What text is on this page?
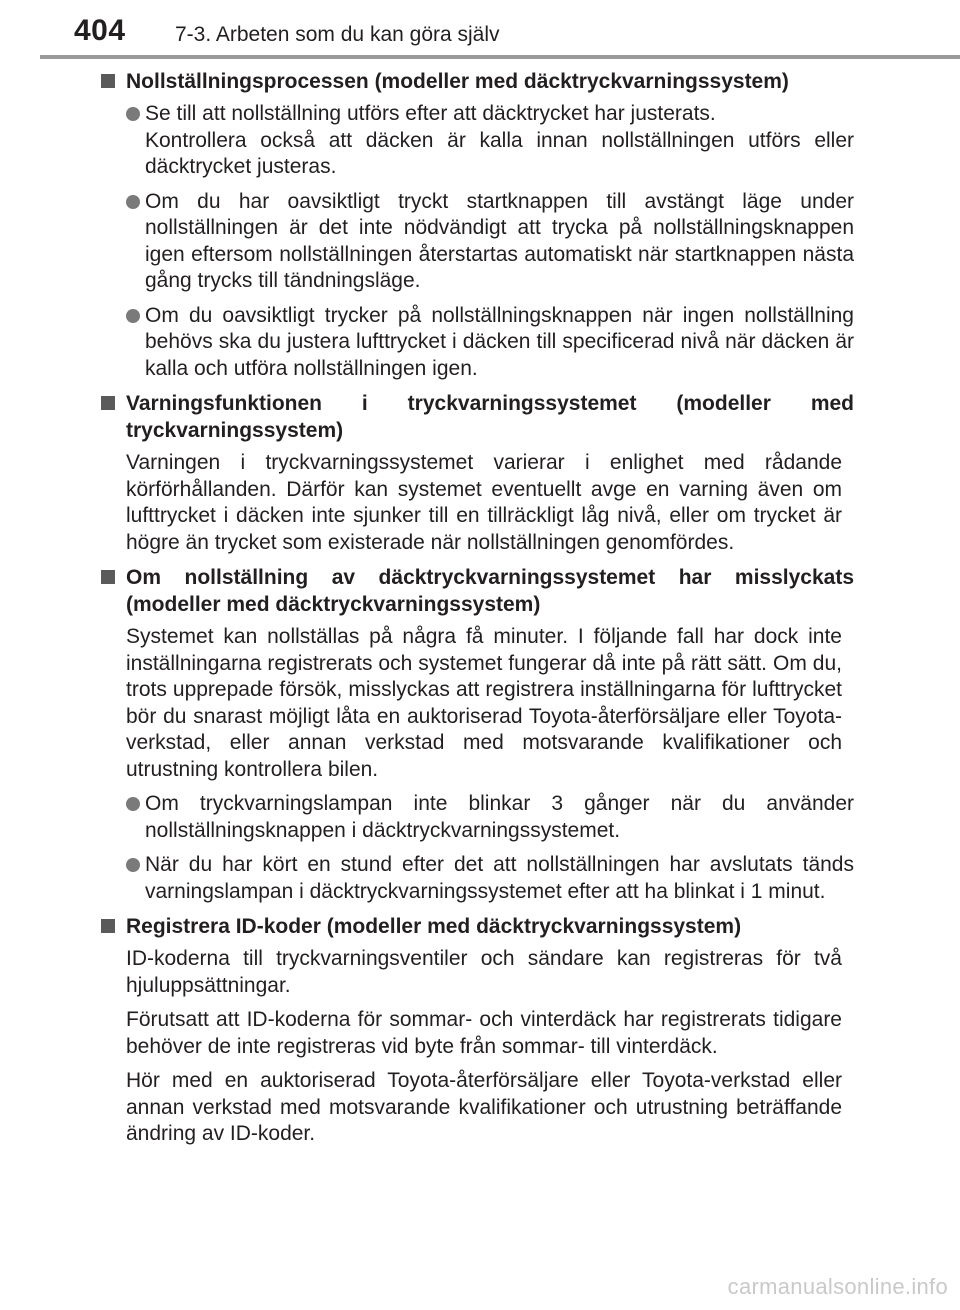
404 7-3. Arbeten som du kan göra själv
Nollställningsprocessen (modeller med däcktryckvarningssystem)
Se till att nollställning utförs efter att däcktrycket har justerats.
Kontrollera också att däcken är kalla innan nollställningen utförs eller däcktrycket justeras.
Om du har oavsiktligt tryckt startknappen till avstängt läge under nollställningen är det inte nödvändigt att trycka på nollställningsknappen igen eftersom nollställningen återstartas automatiskt när startknappen nästa gång trycks till tändningsläge.
Om du oavsiktligt trycker på nollställningsknappen när ingen nollställning behövs ska du justera lufttrycket i däcken till specificerad nivå när däcken är kalla och utföra nollställningen igen.
Varningsfunktionen i tryckvarningssystemet (modeller med tryckvarningssystem)

Varningen i tryckvarningssystemet varierar i enlighet med rådande körförhållanden. Därför kan systemet eventuellt avge en varning även om lufttrycket i däcken inte sjunker till en tillräckligt låg nivå, eller om trycket är högre än trycket som existerade när nollställningen genomfördes.

Om nollställning av däcktryckvarningssystemet har misslyckats (modeller med däcktryckvarningssystem)

Systemet kan nollställas på några få minuter. I följande fall har dock inte inställningarna registrerats och systemet fungerar då inte på rätt sätt. Om du, trots upprepade försök, misslyckas att registrera inställningarna för lufttrycket bör du snarast möjligt låta en auktoriserad Toyota-återförsäljare eller Toyota-verkstad, eller annan verkstad med motsvarande kvalifikationer och utrustning kontrollera bilen.

Om tryckvarningslampan inte blinkar 3 gånger när du använder nollställningsknappen i däcktryckvarningssystemet.
När du har kört en stund efter det att nollställningen har avslutats tänds varningslampan i däcktryckvarningssystemet efter att ha blinkat i 1 minut.
Registrera ID-koder (modeller med däcktryckvarningssystem)

ID-koderna till tryckvarningsventiler och sändare kan registreras för två hjuluppsättningar.

Förutsatt att ID-koderna för sommar- och vinterdäck har registrerats tidigare behöver de inte registreras vid byte från sommar- till vinterdäck.

Hör med en auktoriserad Toyota-återförsäljare eller Toyota-verkstad eller annan verkstad med motsvarande kvalifikationer och utrustning beträffande ändring av ID-koder.

carmanualsonline.info
